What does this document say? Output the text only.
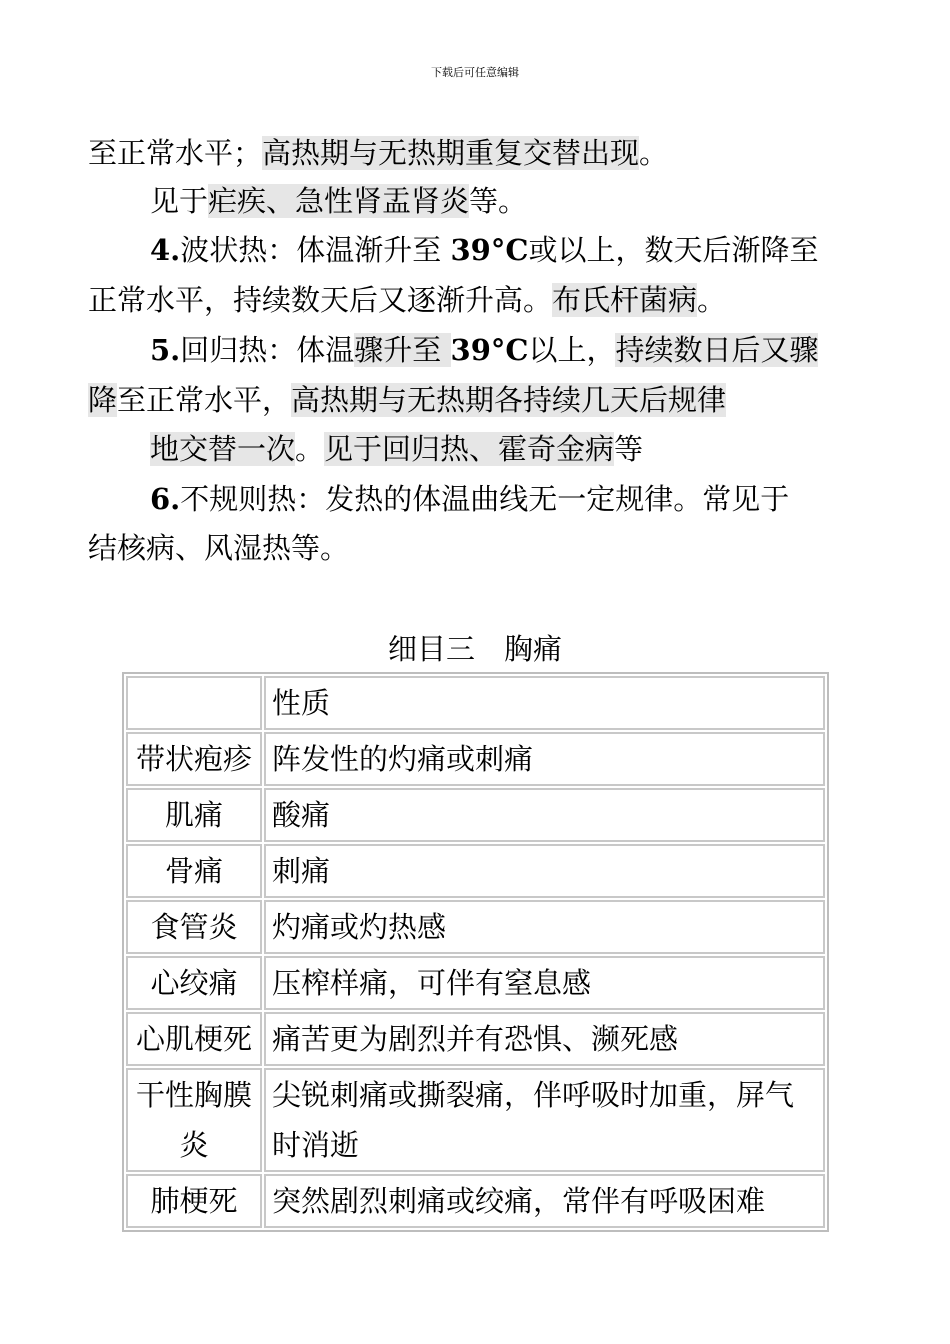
下载后可任意编辑
至正常水平；高热期与无热期重复交替出现。
见于疟疾、急性肾盂肾炎等。
4.波状热：体温渐升至 39°C或以上，数天后渐降至
正常水平，持续数天后又逐渐升高。布氏杆菌病。
5.回归热：体温骤升至 39°C以上，持续数日后又骤
降至正常水平，高热期与无热期各持续几天后规律
地交替一次。见于回归热、霍奇金病等
6.不规则热：发热的体温曲线无一定规律。常见于
结核病、风湿热等。
细目三　胸痛
	性质
带状疱疹	阵发性的灼痛或刺痛
肌痛	酸痛
骨痛	刺痛
食管炎	灼痛或灼热感
心绞痛	压榨样痛，可伴有窒息感
心肌梗死	痛苦更为剧烈并有恐惧、濒死感
干性胸膜炎	尖锐刺痛或撕裂痛，伴呼吸时加重，屏气时消逝
肺梗死	突然剧烈刺痛或绞痛，常伴有呼吸困难
